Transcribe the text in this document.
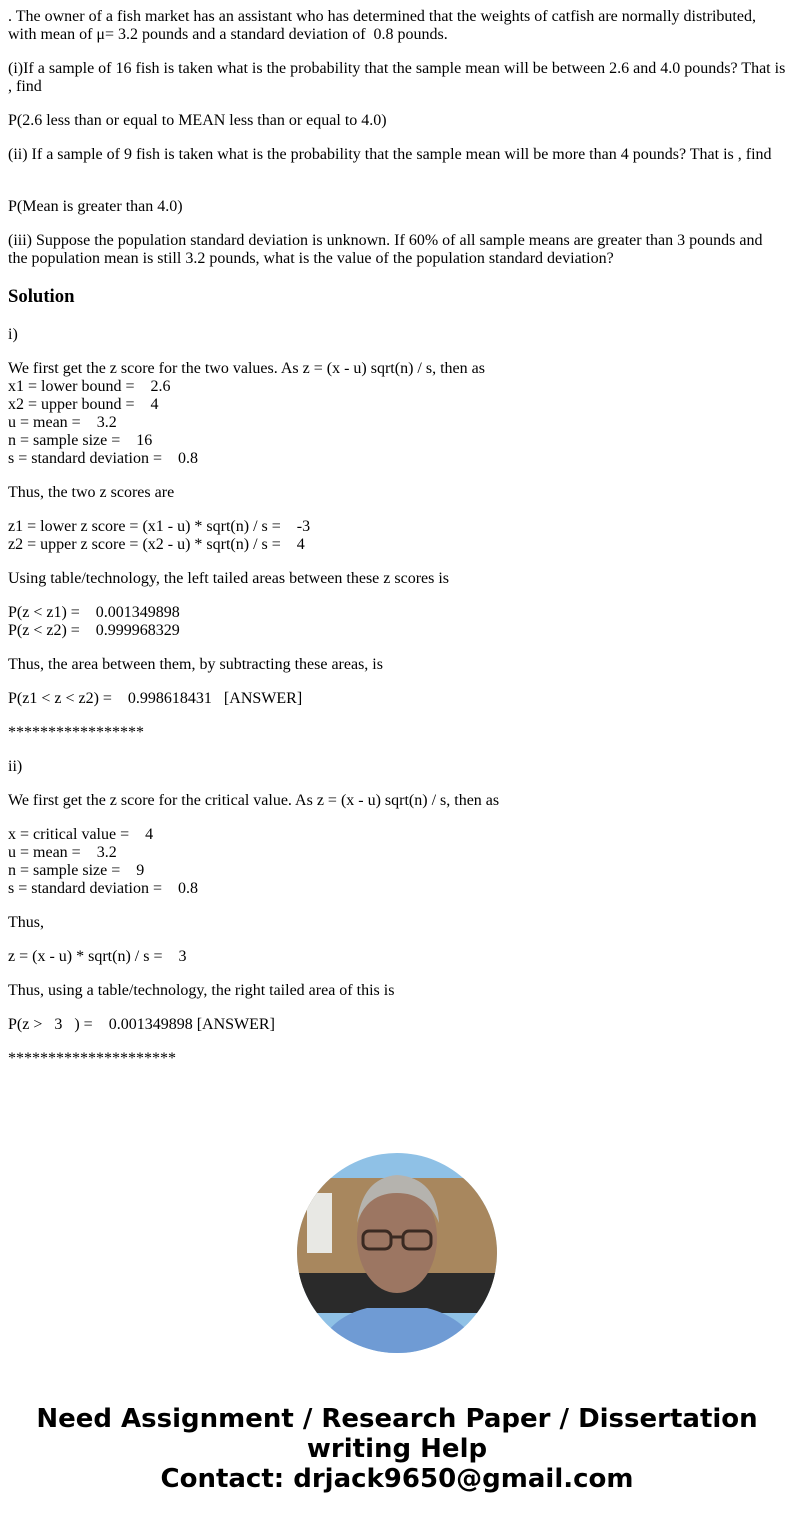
. The owner of a fish market has an assistant who has determined that the weights of catfish are normally distributed,
with mean of μ= 3.2 pounds and a standard deviation of  0.8 pounds.

(i)If a sample of 16 fish is taken what is the probability that the sample mean will be between 2.6 and 4.0 pounds? That is
, find

P(2.6 less than or equal to MEAN less than or equal to 4.0)

(ii) If a sample of 9 fish is taken what is the probability that the sample mean will be more than 4 pounds? That is , find

P(Mean is greater than 4.0)

(iii) Suppose the population standard deviation is unknown. If 60% of all sample means are greater than 3 pounds and
the population mean is still 3.2 pounds, what is the value of the population standard deviation?

Solution

i)

We first get the z score for the two values. As z = (x - u) sqrt(n) / s, then as
x1 = lower bound =    2.6
x2 = upper bound =    4
u = mean =    3.2
n = sample size =    16
s = standard deviation =    0.8

Thus, the two z scores are

z1 = lower z score = (x1 - u) * sqrt(n) / s =    -3
z2 = upper z score = (x2 - u) * sqrt(n) / s =    4

Using table/technology, the left tailed areas between these z scores is

P(z < z1) =    0.001349898
P(z < z2) =    0.999968329

Thus, the area between them, by subtracting these areas, is

P(z1 < z < z2) =    0.998618431   [ANSWER]

*****************

ii)

We first get the z score for the critical value. As z = (x - u) sqrt(n) / s, then as

x = critical value =    4
u = mean =    3.2
n = sample size =    9
s = standard deviation =    0.8

Thus,

z = (x - u) * sqrt(n) / s =    3

Thus, using a table/technology, the right tailed area of this is

P(z >   3   ) =    0.001349898 [ANSWER]

*********************

Need Assignment / Research Paper / Dissertation
writing Help
Contact: drjack9650@gmail.com
